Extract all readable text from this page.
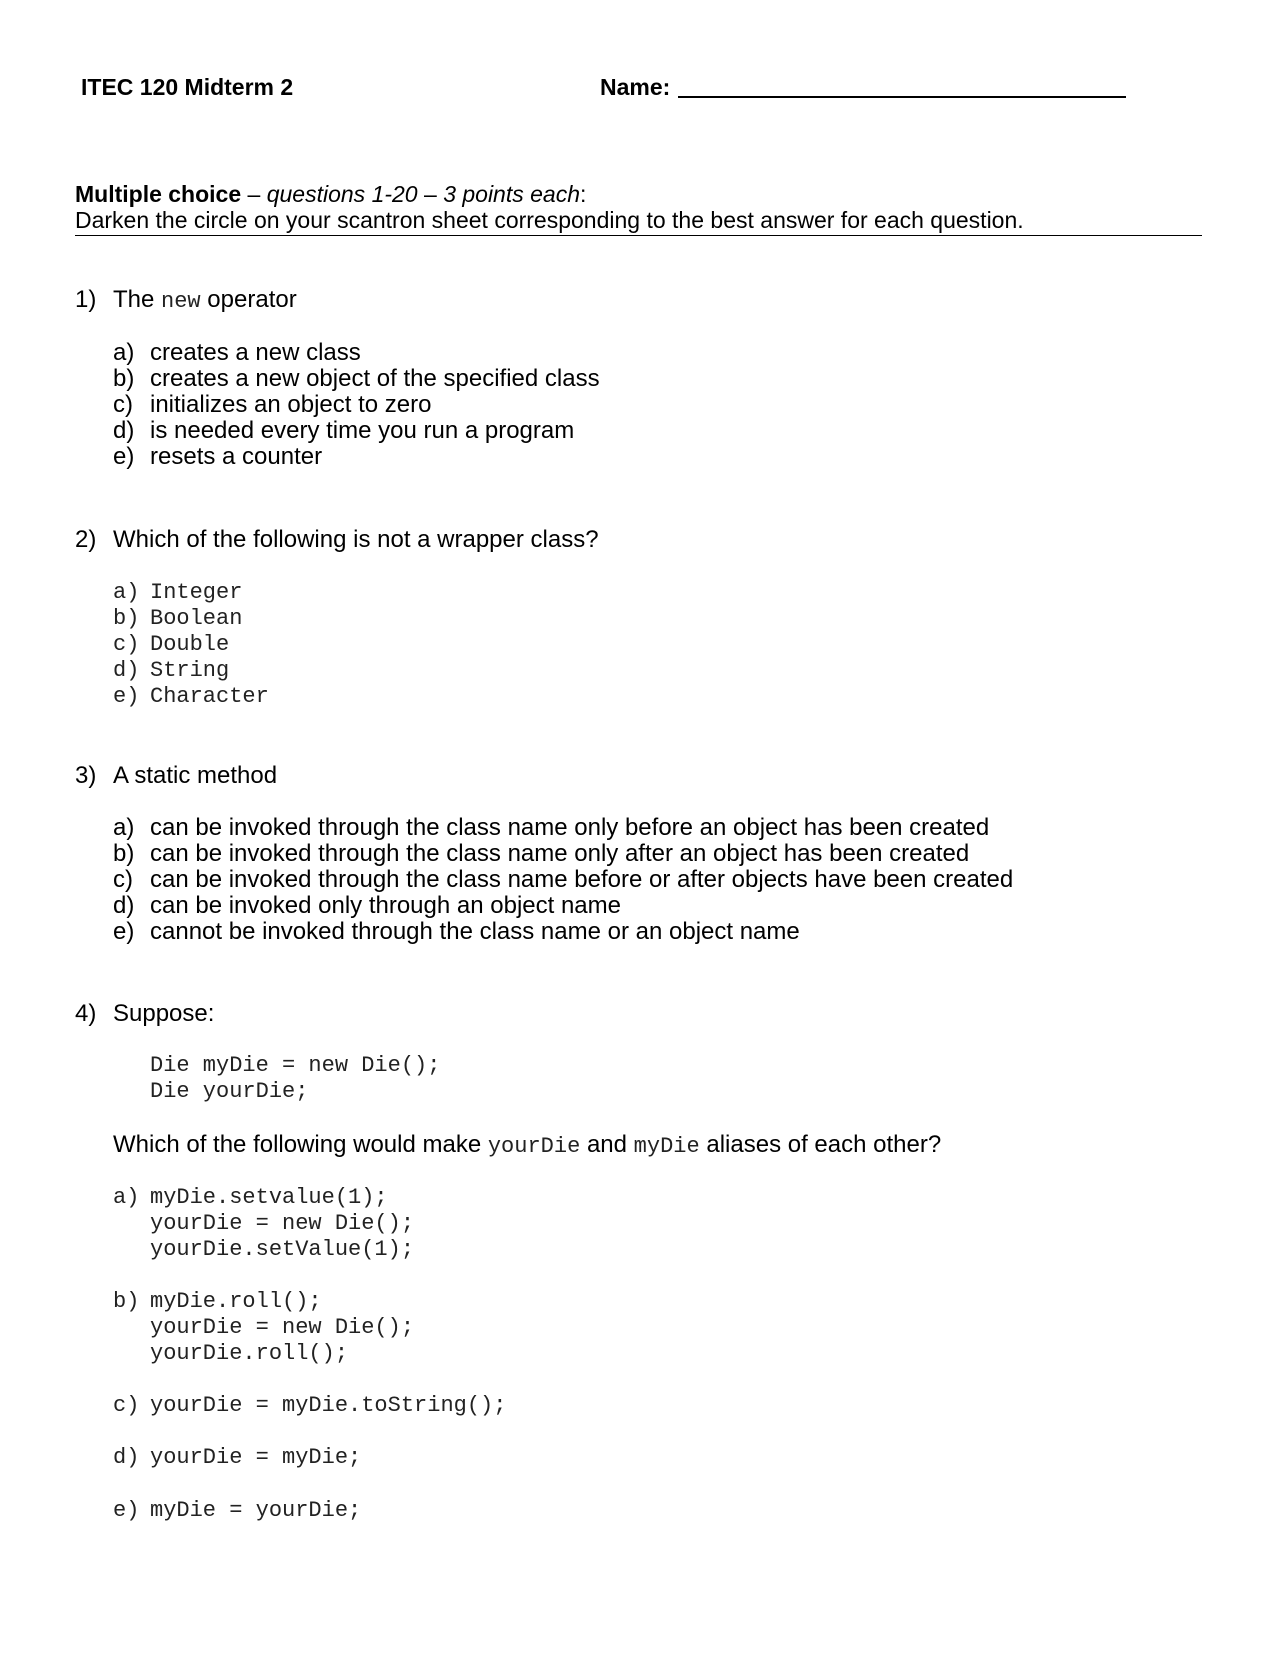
ITEC 120 Midterm 2	Name:
Multiple choice – questions 1-20 – 3 points each:
Darken the circle on your scantron sheet corresponding to the best answer for each question.
1) The new operator
a) creates a new class
b) creates a new object of the specified class
c) initializes an object to zero
d) is needed every time you run a program
e) resets a counter
2) Which of the following is not a wrapper class?
a) Integer
b) Boolean
c) Double
d) String
e) Character
3) A static method
a) can be invoked through the class name only before an object has been created
b) can be invoked through the class name only after an object has been created
c) can be invoked through the class name before or after objects have been created
d) can be invoked only through an object name
e) cannot be invoked through the class name or an object name
4) Suppose:
Die myDie = new Die();
Die yourDie;
Which of the following would make yourDie and myDie aliases of each other?
a) myDie.setvalue(1);
yourDie = new Die();
yourDie.setValue(1);
b) myDie.roll();
yourDie = new Die();
yourDie.roll();
c) yourDie = myDie.toString();
d) yourDie = myDie;
e) myDie = yourDie;
